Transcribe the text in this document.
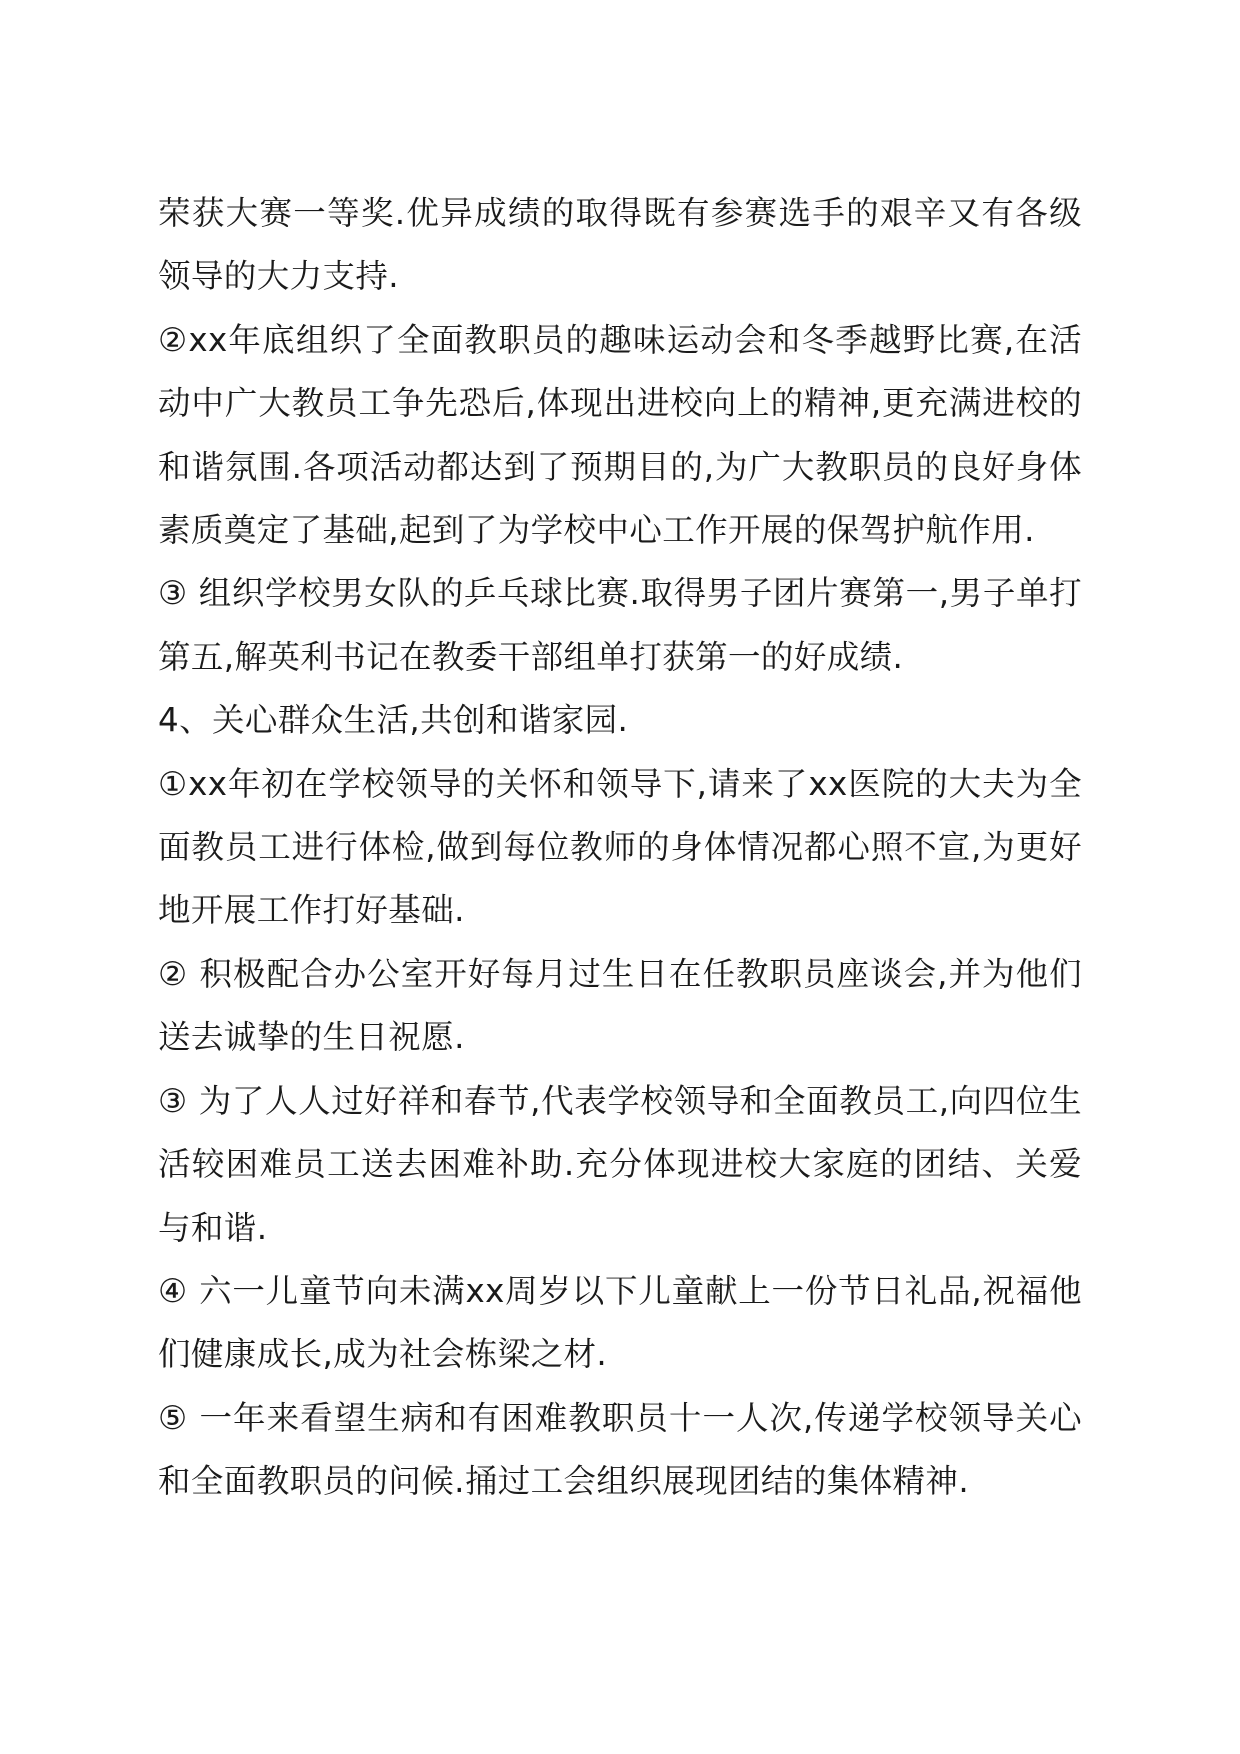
荣获大赛一等奖.优异成绩的取得既有参赛选手的艰辛又有各级领导的大力支持.

②xx年底组织了全面教职员的趣味运动会和冬季越野比赛,在活动中广大教员工争先恐后,体现出进校向上的精神,更充满进校的和谐氛围.各项活动都达到了预期目的,为广大教职员的良好身体素质奠定了基础,起到了为学校中心工作开展的保驾护航作用.

③ 组织学校男女队的乒乓球比赛.取得男子团片赛第一,男子单打第五,解英利书记在教委干部组单打获第一的好成绩.

4、关心群众生活,共创和谐家园.

①xx年初在学校领导的关怀和领导下,请来了xx医院的大夫为全面教员工进行体检,做到每位教师的身体情况都心照不宣,为更好地开展工作打好基础.

② 积极配合办公室开好每月过生日在任教职员座谈会,并为他们送去诚挚的生日祝愿.

③ 为了人人过好祥和春节,代表学校领导和全面教员工,向四位生活较困难员工送去困难补助.充分体现进校大家庭的团结、关爱与和谐.

④ 六一儿童节向未满xx周岁以下儿童献上一份节日礼品,祝福他们健康成长,成为社会栋梁之材.

⑤ 一年来看望生病和有困难教职员十一人次,传递学校领导关心和全面教职员的问候.捅过工会组织展现团结的集体精神.
